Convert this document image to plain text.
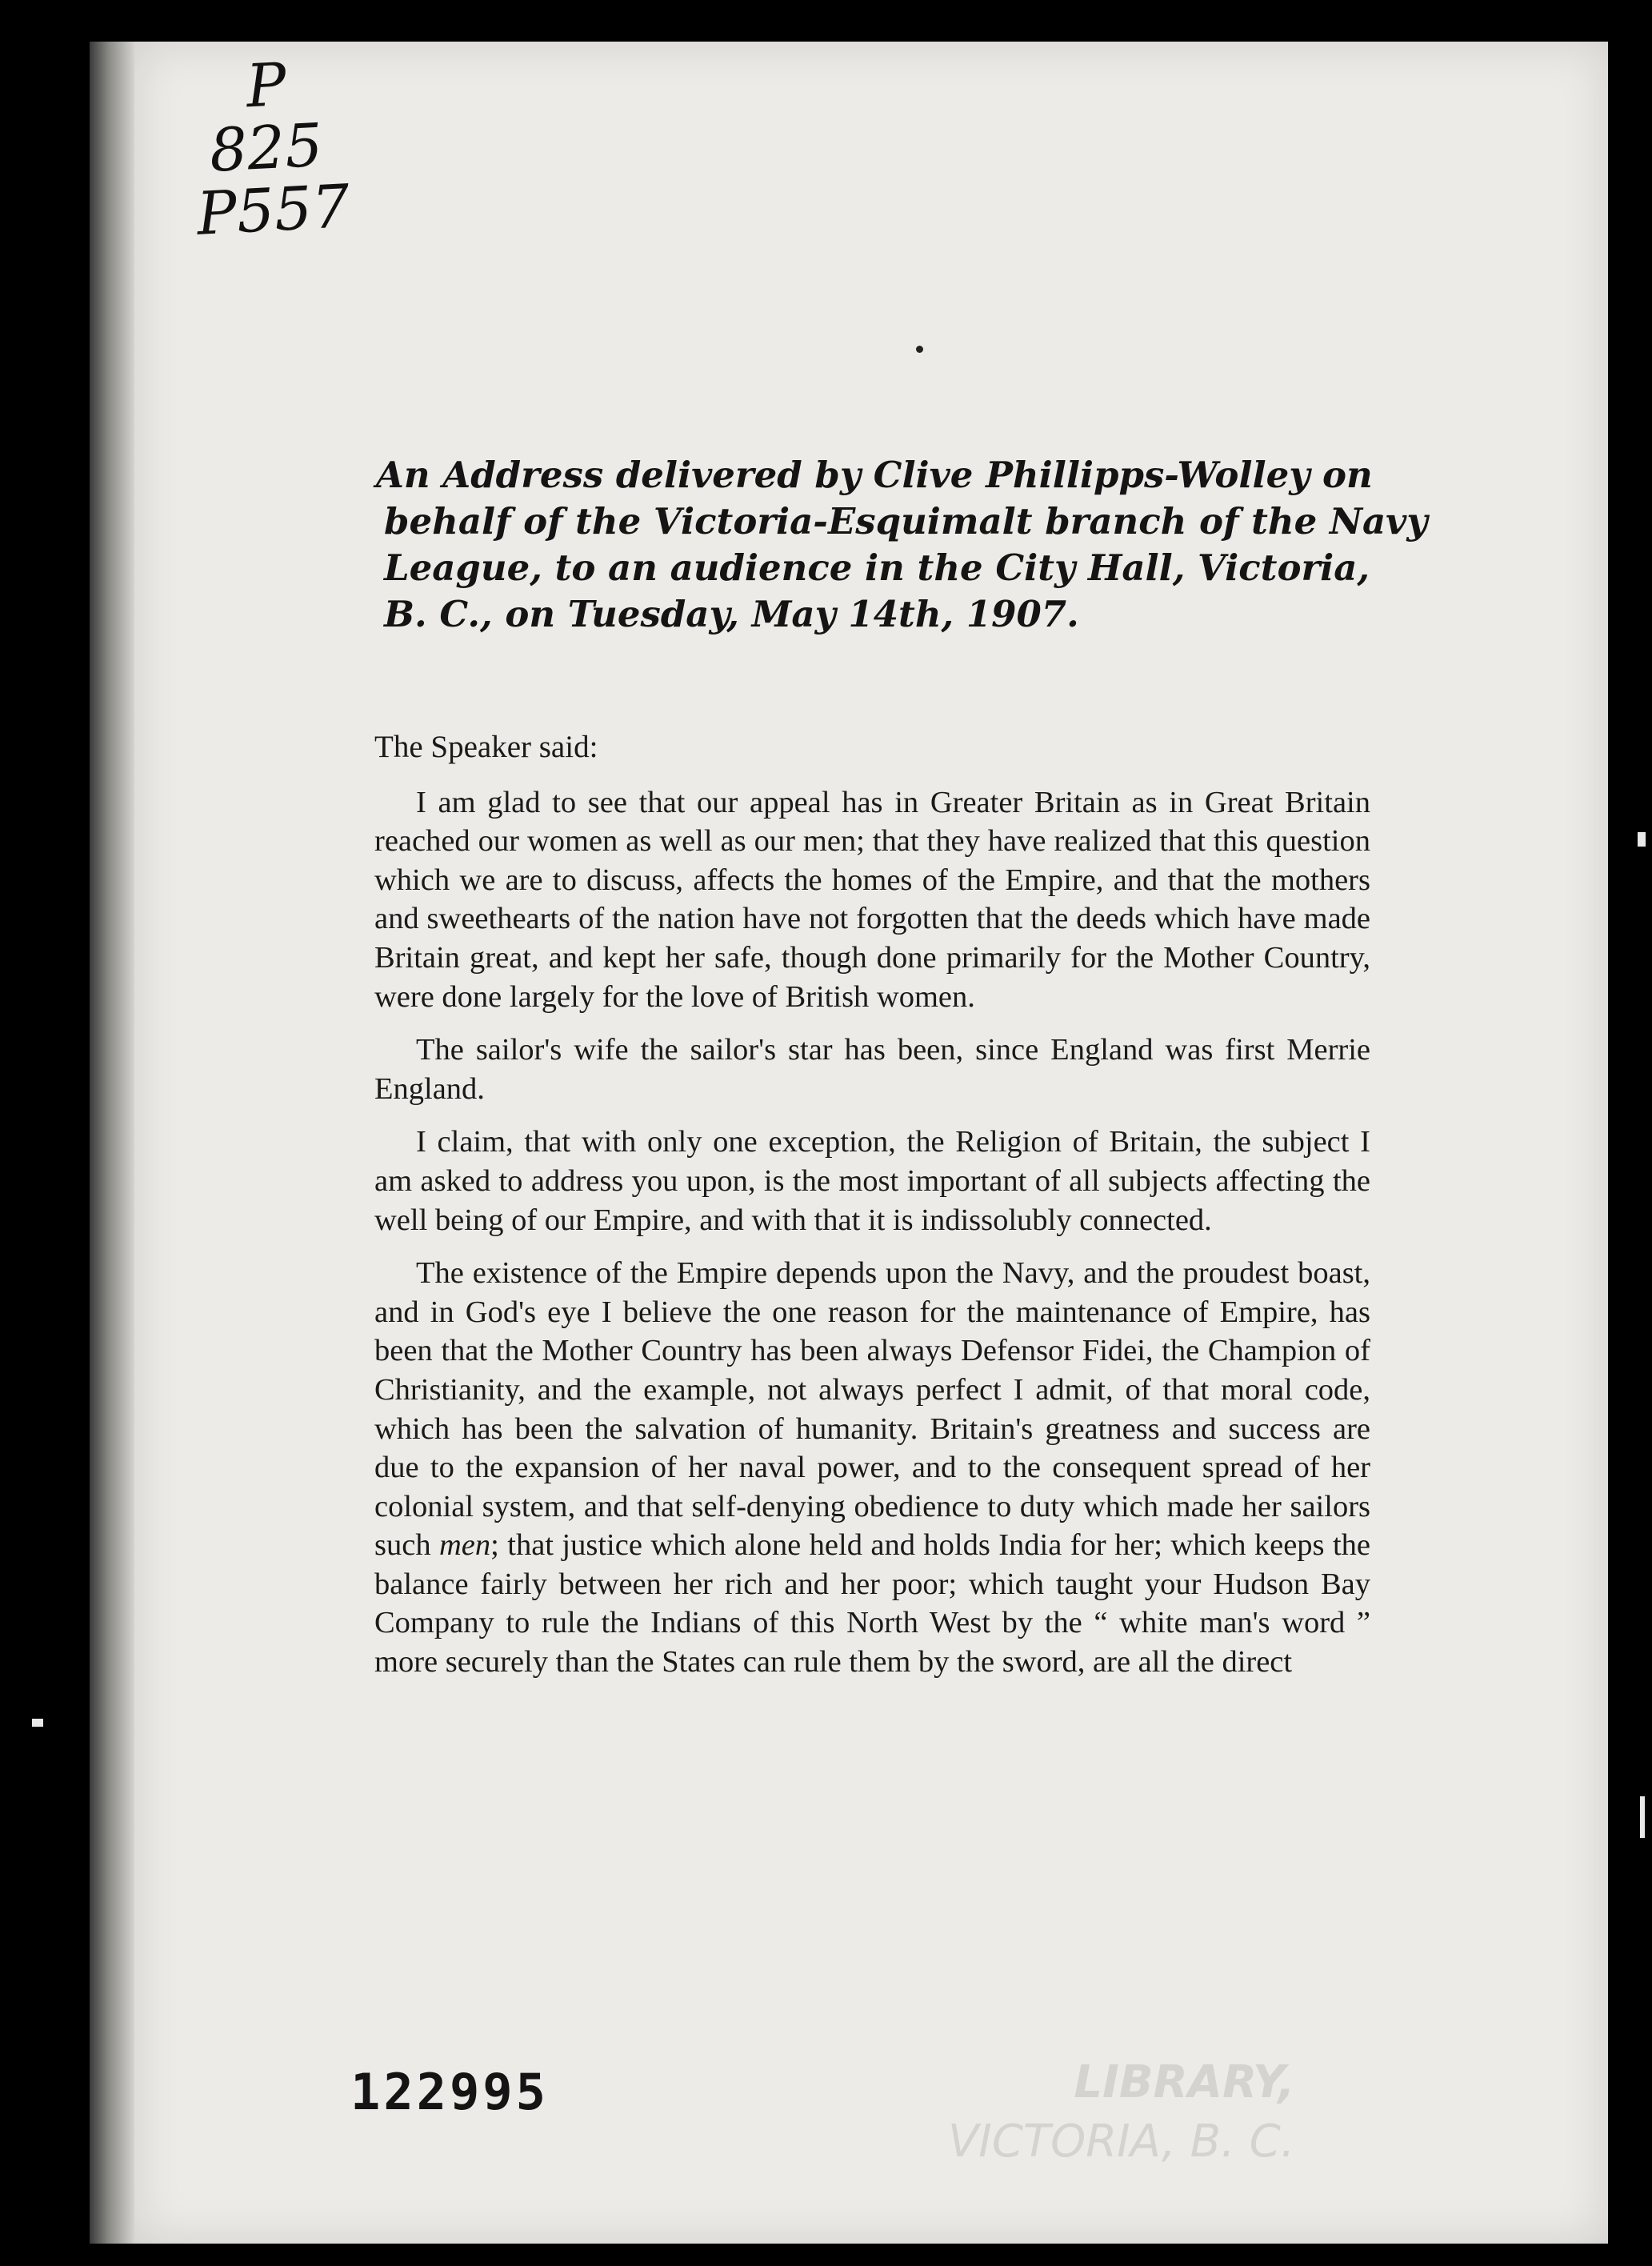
P
825
P557
An Address delivered by Clive Phillipps-Wolley on
behalf of the Victoria-Esquimalt branch of the Navy
League, to an audience in the City Hall, Victoria,
B. C., on Tuesday, May 14th, 1907.
The Speaker said:

I am glad to see that our appeal has in Greater Britain as in Great Britain reached our women as well as our men; that they have realized that this question which we are to discuss, affects the homes of the Empire, and that the mothers and sweethearts of the nation have not forgotten that the deeds which have made Britain great, and kept her safe, though done primarily for the Mother Country, were done largely for the love of British women.

The sailor's wife the sailor's star has been, since England was first Merrie England.

I claim, that with only one exception, the Religion of Britain, the subject I am asked to address you upon, is the most important of all subjects affecting the well being of our Empire, and with that it is indissolubly connected.

The existence of the Empire depends upon the Navy, and the proudest boast, and in God's eye I believe the one reason for the maintenance of Empire, has been that the Mother Country has been always Defensor Fidei, the Champion of Christianity, and the example, not always perfect I admit, of that moral code, which has been the salvation of humanity. Britain's greatness and success are due to the expansion of her naval power, and to the consequent spread of her colonial system, and that self-denying obedience to duty which made her sailors such men; that justice which alone held and holds India for her; which keeps the balance fairly between her rich and her poor; which taught your Hudson Bay Company to rule the Indians of this North West by the “ white man's word ” more securely than the States can rule them by the sword, are all the direct

122995	LIBRARY,
VICTORIA, B. C.
